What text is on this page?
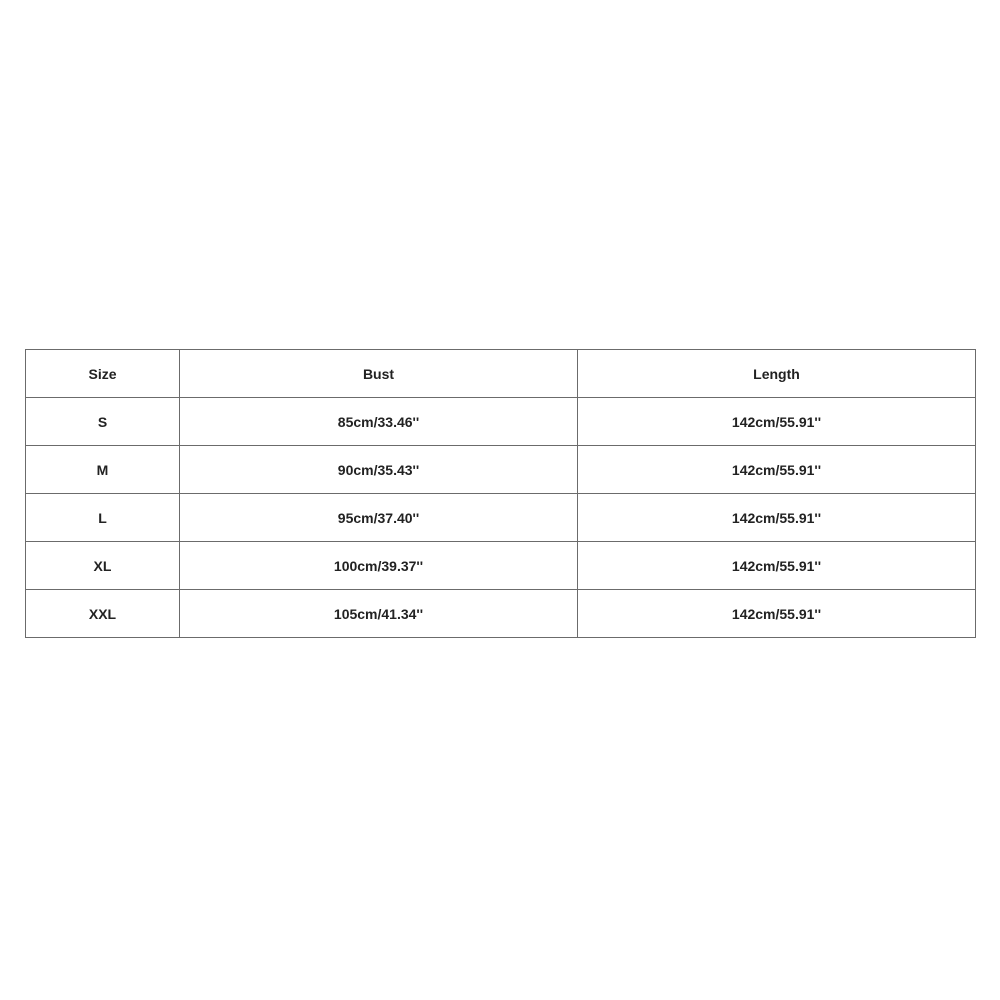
Size	Bust	Length
S	85cm/33.46''	142cm/55.91''
M	90cm/35.43''	142cm/55.91''
L	95cm/37.40''	142cm/55.91''
XL	100cm/39.37''	142cm/55.91''
XXL	105cm/41.34''	142cm/55.91''
